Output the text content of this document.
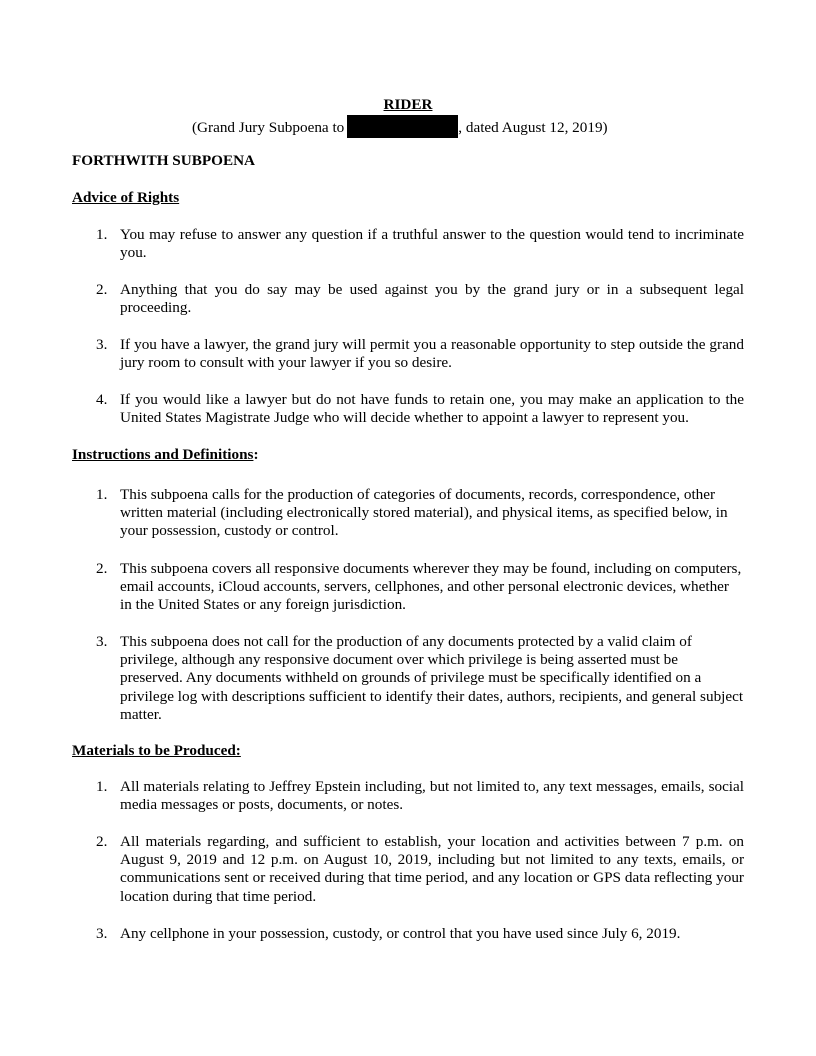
RIDER
(Grand Jury Subpoena to	, dated August 12, 2019)
FORTHWITH SUBPOENA
Advice of Rights
1. You may refuse to answer any question if a truthful answer to the question would tend to incriminate you.
2. Anything that you do say may be used against you by the grand jury or in a subsequent legal proceeding.
3. If you have a lawyer, the grand jury will permit you a reasonable opportunity to step outside the grand jury room to consult with your lawyer if you so desire.
4. If you would like a lawyer but do not have funds to retain one, you may make an application to the United States Magistrate Judge who will decide whether to appoint a lawyer to represent you.
Instructions and Definitions:
1. This subpoena calls for the production of categories of documents, records, correspondence, other written material (including electronically stored material), and physical items, as specified below, in your possession, custody or control.
2. This subpoena covers all responsive documents wherever they may be found, including on computers, email accounts, iCloud accounts, servers, cellphones, and other personal electronic devices, whether in the United States or any foreign jurisdiction.
3. This subpoena does not call for the production of any documents protected by a valid claim of privilege, although any responsive document over which privilege is being asserted must be preserved. Any documents withheld on grounds of privilege must be specifically identified on a privilege log with descriptions sufficient to identify their dates, authors, recipients, and general subject matter.
Materials to be Produced:
1. All materials relating to Jeffrey Epstein including, but not limited to, any text messages, emails, social media messages or posts, documents, or notes.
2. All materials regarding, and sufficient to establish, your location and activities between 7 p.m. on August 9, 2019 and 12 p.m. on August 10, 2019, including but not limited to any texts, emails, or communications sent or received during that time period, and any location or GPS data reflecting your location during that time period.
3. Any cellphone in your possession, custody, or control that you have used since July 6, 2019.
